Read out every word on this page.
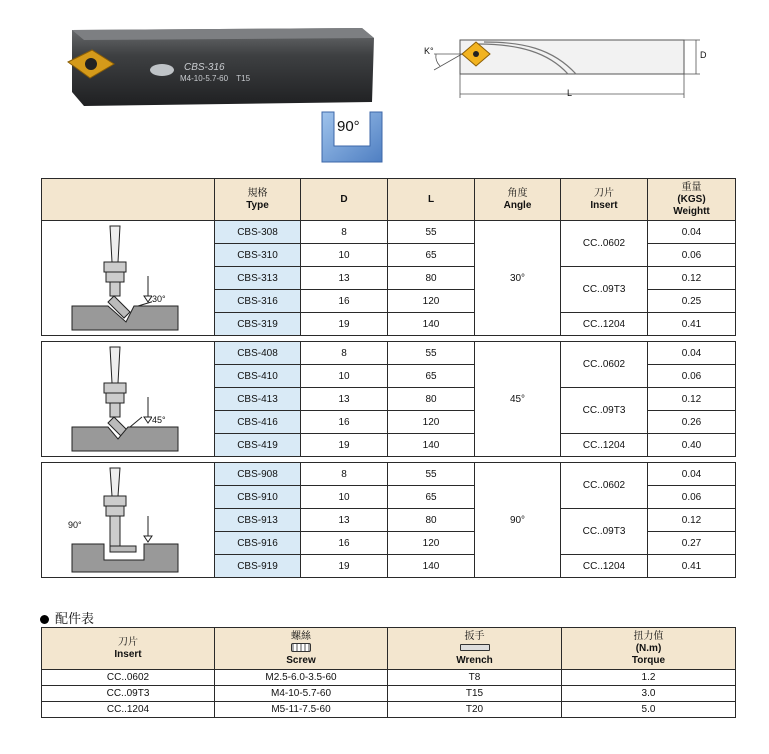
CBS-316
M4-10-5.7-60 T15
K°	D
L
90°
	規格
Type	D	L	角度
Angle	刀片
Insert	重量
(KGS)
Weightt

30°	CBS-308	8	55	30°	CC..0602	0.04
	CBS-310	10	65			0.06
	CBS-313	13	80		CC..09T3	0.12
	CBS-316	16	120			0.25
	CBS-319	19	140		CC..1204	0.41

45°	CBS-408	8	55	45°	CC..0602	0.04
	CBS-410	10	65			0.06
	CBS-413	13	80		CC..09T3	0.12
	CBS-416	16	120			0.26
	CBS-419	19	140		CC..1204	0.40

90°	CBS-908	8	55	90°	CC..0602	0.04
	CBS-910	10	65			0.06
	CBS-913	13	80		CC..09T3	0.12
	CBS-916	16	120			0.27
	CBS-919	19	140		CC..1204	0.41
配件表
刀片
Insert	螺絲

Screw	扳手

Wrench	扭力值
(N.m)
Torque
CC..0602	M2.5-6.0-3.5-60	T8	1.2
CC..09T3	M4-10-5.7-60	T15	3.0
CC..1204	M5-11-7.5-60	T20	5.0
